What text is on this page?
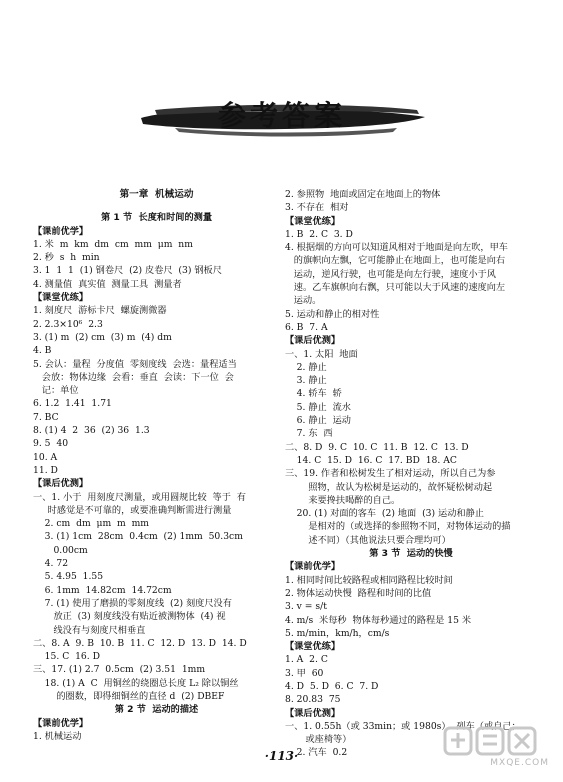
参考答案
第一章  机械运动
第 1 节  长度和时间的测量
【课前优学】
1. 米  m  km  dm  cm  mm  μm  nm
2. 秒  s  h  min
3. 1  1  1  (1) 钢卷尺  (2) 皮卷尺  (3) 钢板尺
4. 测量值  真实值  测量工具  测量者
【课堂优练】
1. 刻度尺  游标卡尺  螺旋测微器
2. 2.3×10⁶  2.3
3. (1) m  (2) cm  (3) m  (4) dm
4. B
5. 会认：量程  分度值  零刻度线  会选：量程适当
会放：物体边缘  会看：垂直  会读：下一位  会
记：单位
6. 1.2  1.41  1.71
7. BC
8. (1) 4  2  36  (2) 36  1.3
9. 5  40
10. A
11. D
【课后优测】
一、1. 小于  用刻度尺测量，或用圆规比较  等于  有
时感觉是不可靠的，或要准确判断需进行测量
2. cm  dm  μm  m  mm
3. (1) 1cm  28cm  0.4cm  (2) 1mm  50.3cm
0.00cm
4. 72
5. 4.95  1.55
6. 1mm  14.82cm  14.72cm
7. (1) 使用了磨损的零刻度线  (2) 刻度尺没有
放正  (3) 刻度线没有贴近被测物体  (4) 视
线没有与刻度尺相垂直
二、8. A  9. B  10. B  11. C  12. D  13. D  14. D
15. C  16. D
三、17. (1) 2.7  0.5cm  (2) 3.51  1mm
18. (1) A  C  用铜丝的绕圈总长度 L₂ 除以铜丝
的圈数，即得细铜丝的直径 d  (2) DBEF
第 2 节  运动的描述
【课前优学】
1. 机械运动
2. 参照物  地面或固定在地面上的物体
3. 不存在  相对
【课堂优练】
1. B  2. C  3. D
4. 根据烟的方向可以知道风相对于地面是向左吹，甲车
的旗帜向左飘，它可能静止在地面上，也可能是向右
运动，逆风行驶，也可能是向左行驶，速度小于风
速。乙车旗帜向右飘，只可能以大于风速的速度向左
运动。
5. 运动和静止的相对性
6. B  7. A
【课后优测】
一、1. 太阳  地面
2. 静止
3. 静止
4. 轿车  轿
5. 静止  流水
6. 静止  运动
7. 东  西
二、8. D  9. C  10. C  11. B  12. C  13. D
14. C  15. D  16. C  17. BD  18. AC
三、19. 作者和松树发生了相对运动，所以自己为参
照物，故认为松树是运动的，故怀疑松树动起
来要搀扶喝醉的自己。
20. (1) 对面的客车  (2) 地面  (3) 运动和静止
是相对的（或选择的参照物不同，对物体运动的描
述不同）（其他说法只要合理均可）
第 3 节  运动的快慢
【课前优学】
1. 相同时间比较路程或相同路程比较时间
2. 物体运动快慢  路程和时间的比值
3. v = s/t
4. m/s  米每秒  物体每秒通过的路程是 15 米
5. m/min，km/h，cm/s
【课堂优练】
1. A  2. C
3. 甲  60
4. D  5. D  6. C  7. D
8. 20.83  75
【课后优测】
一、1. 0.55h（或 33min；或 1980s）  列车（或自己；
或座椅等）
2. 汽车  0.2
·113·	MXQE.COM
